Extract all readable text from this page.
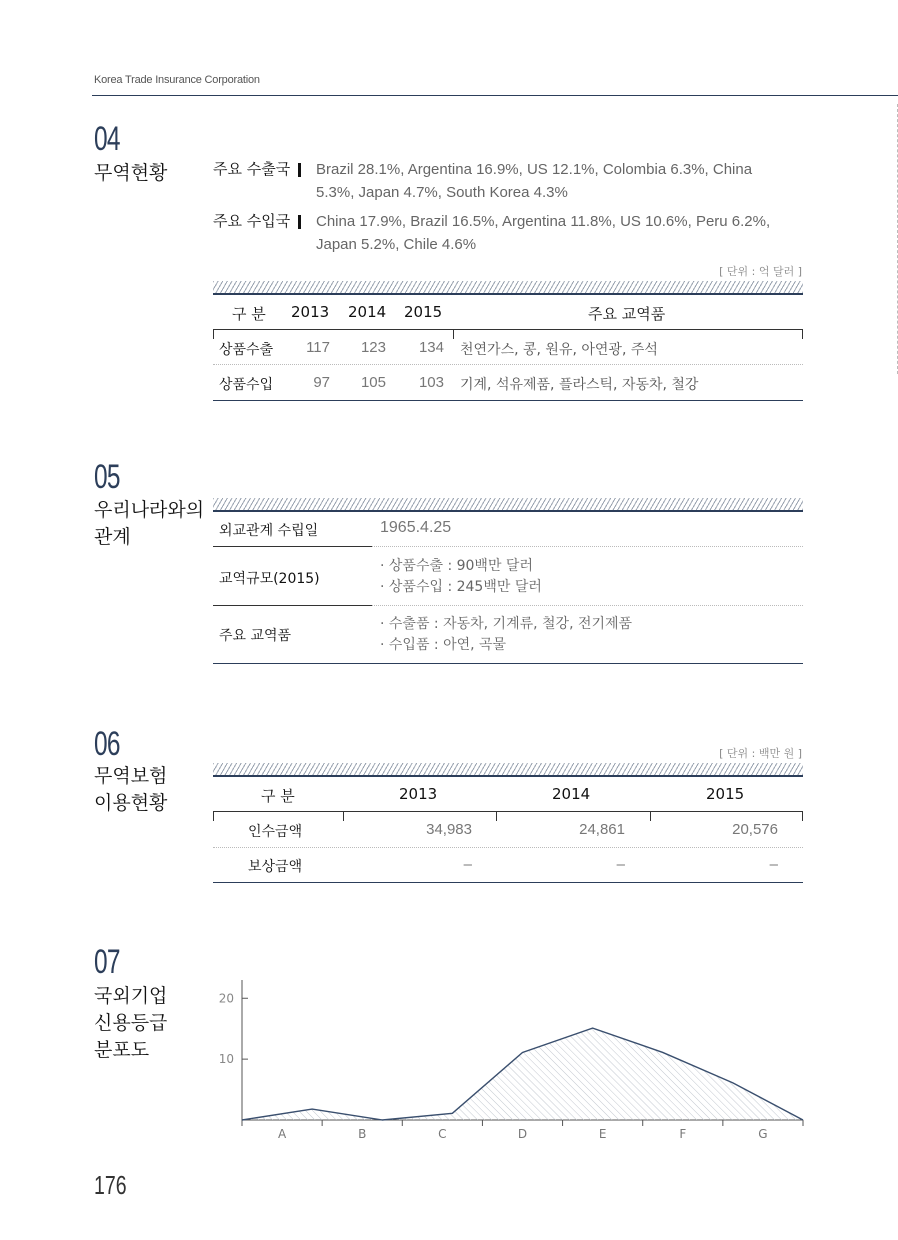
Korea Trade Insurance Corporation
04
무역현황	주요 수출국	Brazil 28.1%, Argentina 16.9%, US 12.1%, Colombia 6.3%, China
5.3%, Japan 4.7%, South Korea 4.3%
주요 수입국	China 17.9%, Brazil 16.5%, Argentina 11.8%, US 10.6%, Peru 6.2%,
Japan 5.2%, Chile 4.6%
[ 단위 : 억 달러 ]
구 분 2013 2014 2015	주요 교역품
상품수출	117	123	134 천연가스, 콩, 원유, 아연광, 주석
상품수입	97	105	103 기계, 석유제품, 플라스틱, 자동차, 철강
05
우리나라와의
관계	외교관계 수립일	1965.4.25
교역규모(2015)
· 상품수출 : 90백만 달러
· 상품수입 : 245백만 달러
주요 교역품
· 수출품 : 자동차, 기계류, 철강, 전기제품
· 수입품 : 아연, 곡물
06
무역보험
이용현황
[ 단위 : 백만 원 ]
구 분	2013	2014	2015
인수금액	34,983	24,861	20,576
보상금액	–	–	–
07
국외기업
신용등급
분포도	10
20
A	B	C	D	E	F	G
176
